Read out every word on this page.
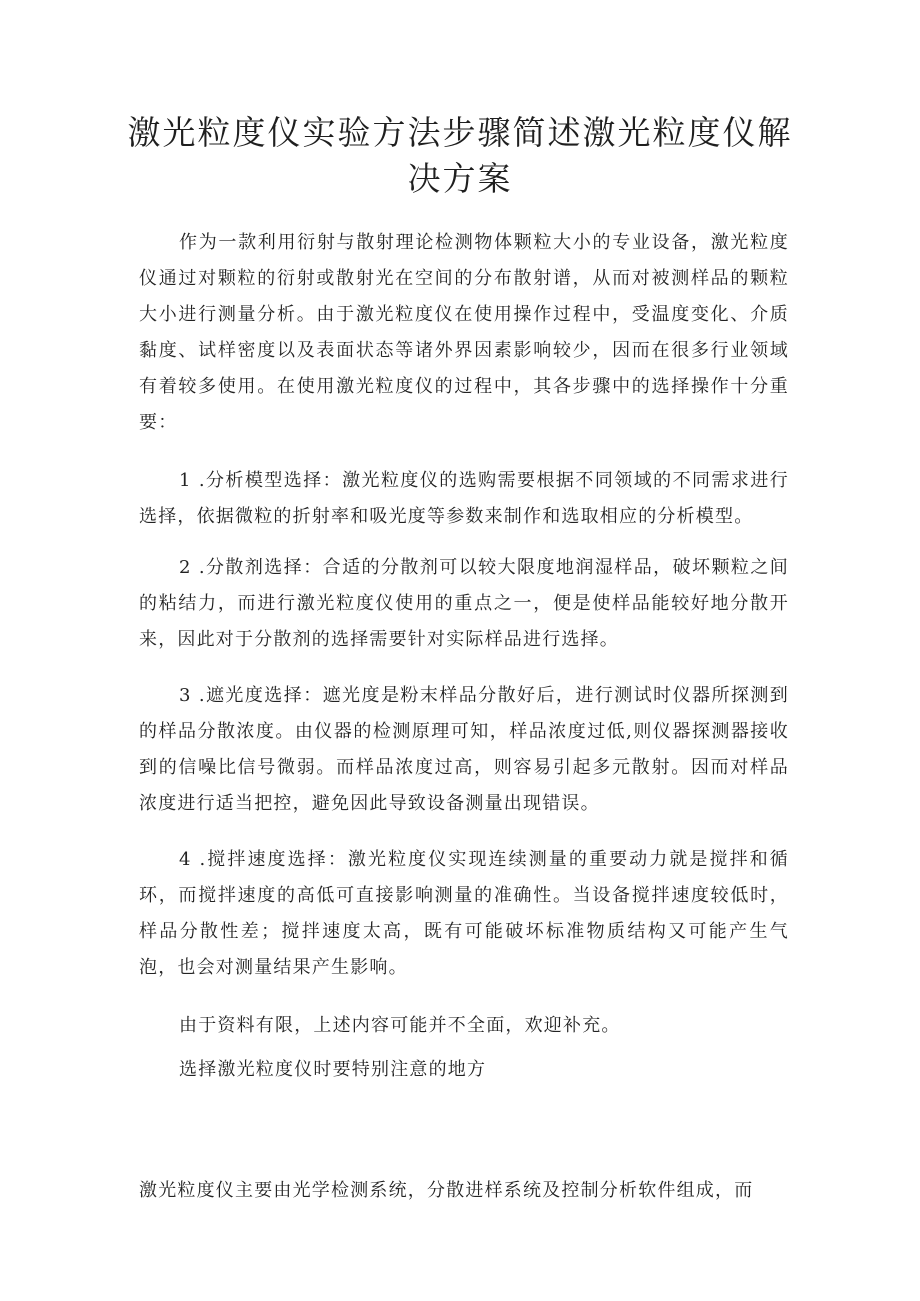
激光粒度仪实验方法步骤简述激光粒度仪解
决方案

作为一款利用衍射与散射理论检测物体颗粒大小的专业设备，激光粒度仪通过对颗粒的衍射或散射光在空间的分布散射谱，从而对被测样品的颗粒大小进行测量分析。由于激光粒度仪在使用操作过程中，受温度变化、介质黏度、试样密度以及表面状态等诸外界因素影响较少，因而在很多行业领域有着较多使用。在使用激光粒度仪的过程中，其各步骤中的选择操作十分重要：

1 .分析模型选择：激光粒度仪的选购需要根据不同领域的不同需求进行选择，依据微粒的折射率和吸光度等参数来制作和选取相应的分析模型。

2 .分散剂选择：合适的分散剂可以较大限度地润湿样品，破坏颗粒之间的粘结力，而进行激光粒度仪使用的重点之一，便是使样品能较好地分散开来，因此对于分散剂的选择需要针对实际样品进行选择。

3 .遮光度选择：遮光度是粉末样品分散好后，进行测试时仪器所探测到的样品分散浓度。由仪器的检测原理可知，样品浓度过低,则仪器探测器接收到的信噪比信号微弱。而样品浓度过高，则容易引起多元散射。因而对样品浓度进行适当把控，避免因此导致设备测量出现错误。

4 .搅拌速度选择：激光粒度仪实现连续测量的重要动力就是搅拌和循环，而搅拌速度的高低可直接影响测量的准确性。当设备搅拌速度较低时，样品分散性差；搅拌速度太高，既有可能破坏标准物质结构又可能产生气泡，也会对测量结果产生影响。

由于资料有限，上述内容可能并不全面，欢迎补充。

选择激光粒度仪时要特别注意的地方

激光粒度仪主要由光学检测系统，分散进样系统及控制分析软件组成，而
